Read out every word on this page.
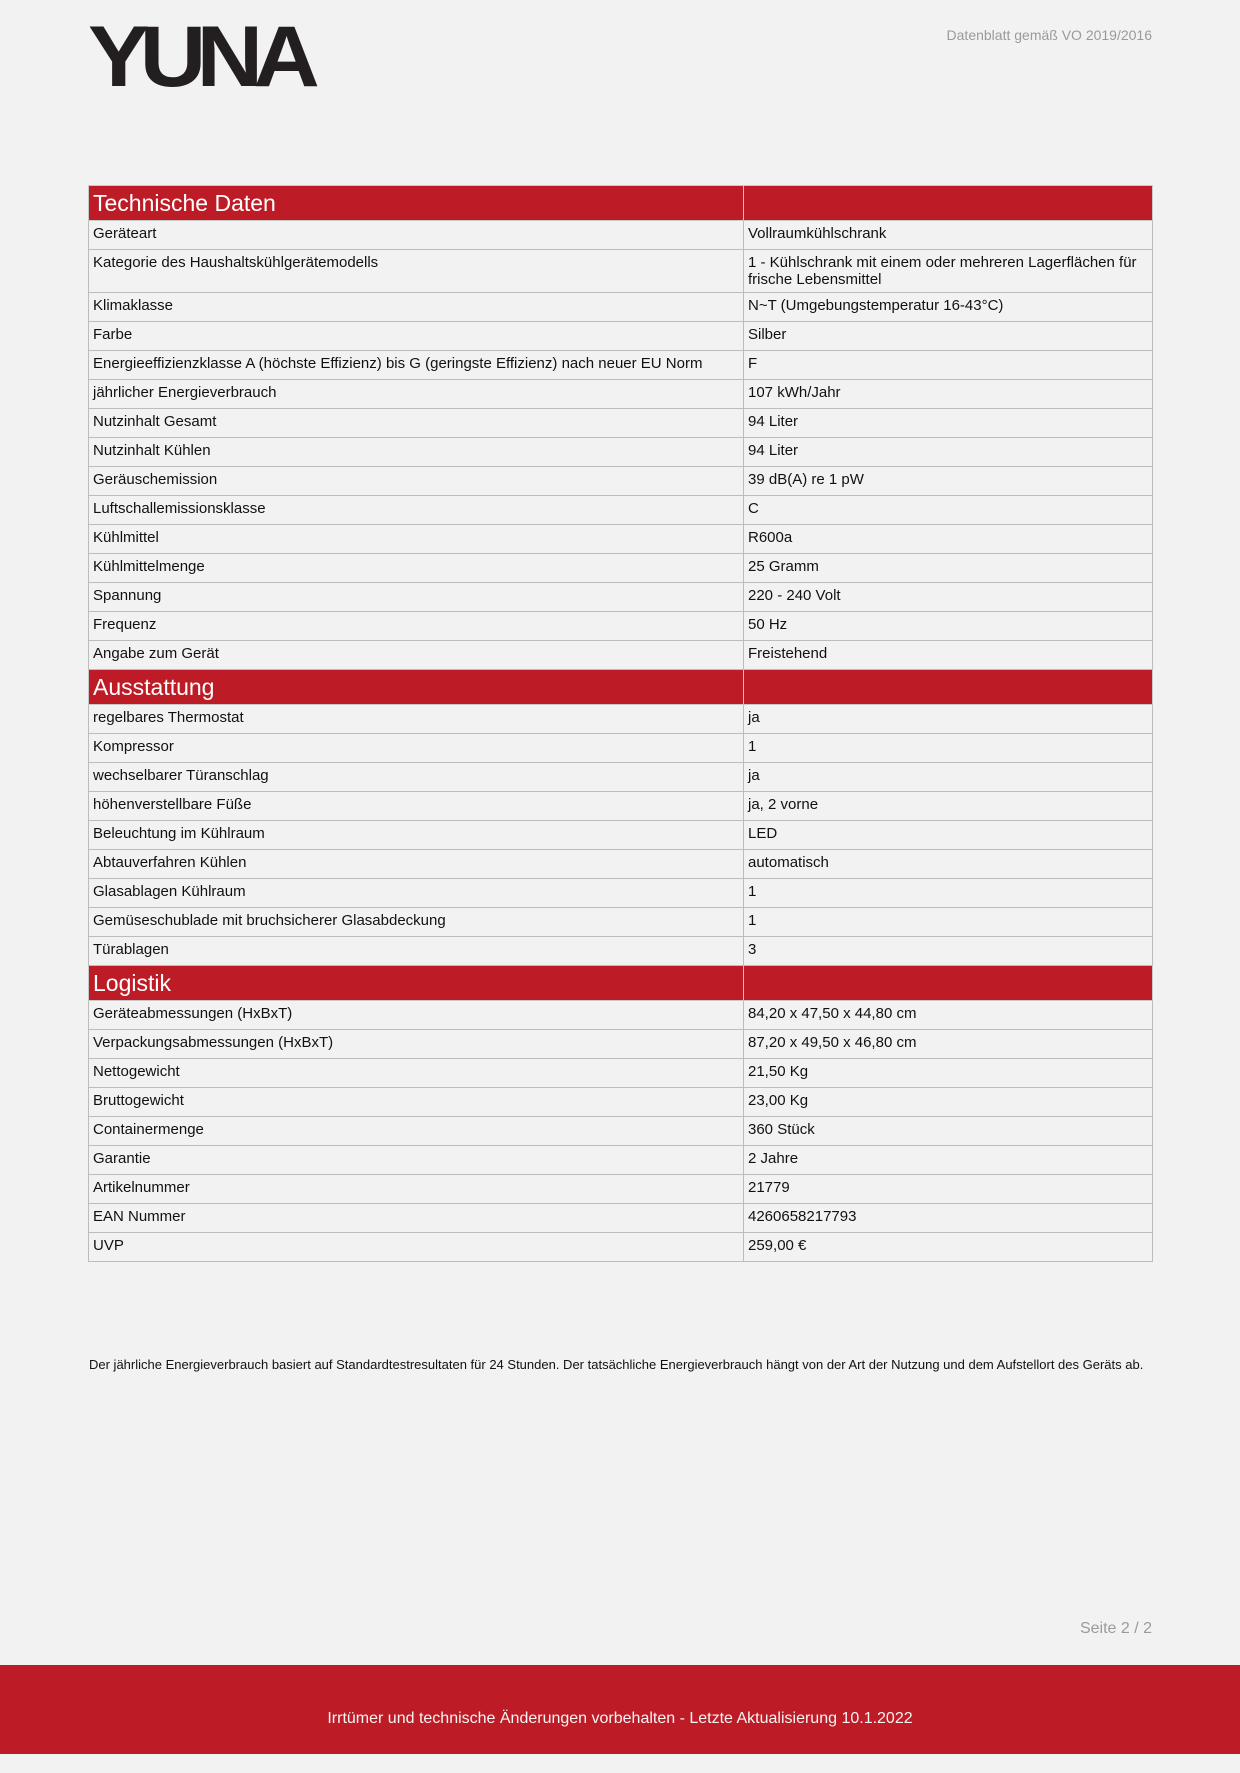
YUNA	Datenblatt gemäß VO 2019/2016
Technische Daten	
Geräteart	Vollraumkühlschrank
Kategorie des Haushaltskühlgerätemodells	1 - Kühlschrank mit einem oder mehreren Lagerflächen für frische Lebensmittel
Klimaklasse	N~T (Umgebungstemperatur 16-43°C)
Farbe	Silber
Energieeffizienzklasse A (höchste Effizienz) bis G (geringste Effizienz) nach neuer EU Norm	F
jährlicher Energieverbrauch	107 kWh/Jahr
Nutzinhalt Gesamt	94 Liter
Nutzinhalt Kühlen	94 Liter
Geräuschemission	39 dB(A) re 1 pW
Luftschallemissionsklasse	C
Kühlmittel	R600a
Kühlmittelmenge	25 Gramm
Spannung	220 - 240 Volt
Frequenz	50 Hz
Angabe zum Gerät	Freistehend
Ausstattung	
regelbares Thermostat	ja
Kompressor	1
wechselbarer Türanschlag	ja
höhenverstellbare Füße	ja, 2 vorne
Beleuchtung im Kühlraum	LED
Abtauverfahren Kühlen	automatisch
Glasablagen Kühlraum	1
Gemüseschublade mit bruchsicherer Glasabdeckung	1
Türablagen	3
Logistik	
Geräteabmessungen (HxBxT)	84,20 x 47,50 x 44,80 cm
Verpackungsabmessungen (HxBxT)	87,20 x 49,50 x 46,80 cm
Nettogewicht	21,50 Kg
Bruttogewicht	23,00 Kg
Containermenge	360 Stück
Garantie	2 Jahre
Artikelnummer	21779
EAN Nummer	4260658217793
UVP	259,00 €
Der jährliche Energieverbrauch basiert auf Standardtestresultaten für 24 Stunden. Der tatsächliche Energieverbrauch hängt von der Art der Nutzung und dem Aufstellort des Geräts ab.
Seite 2 / 2
Irrtümer und technische Änderungen vorbehalten - Letzte Aktualisierung 10.1.2022
